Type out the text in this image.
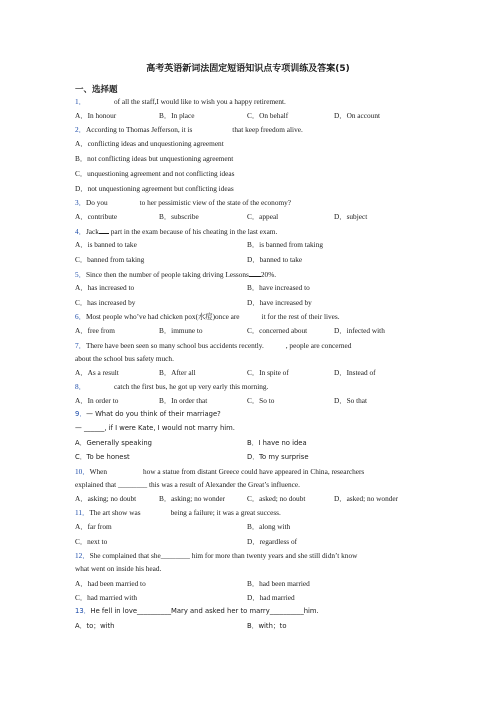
高考英语新词法固定短语知识点专项训练及答案(5)
一、选择题
1．	of all the staff,I would like to wish you a happy retirement.
A．In honour	B．In place	C．On behalf	D．On account
2．According to Thomas Jefferson, it is	that keep freedom alive.
A．conflicting ideas and unquestioning agreement
B．not conflicting ideas but unquestioning agreement
C．unquestioning agreement and not conflicting ideas
D．not unquestioning agreement but conflicting ideas
3．Do you	to her pessimistic view of the state of the economy?
A．contribute	B．subscribe	C．appeal	D．subject
4．Jack part in the exam because of his cheating in the last exam.
A．is banned to take	B．is banned from taking
C．banned from taking	D．banned to take
5．Since then the number of people taking driving Lessons 20%.
A．has increased to	B．have increased to
C．has increased by	D．have increased by
6．Most people who’ve had chicken pox(水痘)once are	it for the rest of their lives.
A．free from	B．immune to	C．concerned about	D．infected with
7．There have been seen so many school bus accidents recently.	, people are concerned
about the school bus safety much.
A．As a result	B．After all	C．In spite of	D．Instead of
8．	catch the first bus, he got up very early this morning.
A．In order to	B．In order that	C．So to	D．So that
9．— What do you think of their marriage?
— ______, if I were Kate, I would not marry him.
A．Generally speaking	B．I have no idea
C．To be honest	D．To my surprise
10．When	how a statue from distant Greece could have appeared in China, researchers
explained that ________ this was a result of Alexander the Great’s influence.
A．asking; no doubt	B．asking; no wonder	C．asked; no doubt	D．asked; no wonder
11．The art show was	being a failure; it was a great success.
A．far from	B．along with
C．next to	D．regardless of
12．She complained that she________ him for more than twenty years and she still didn’t know
what went on inside his head.
A．had been married to	B．had been married
C．had married with	D．had married
13．He fell in love__________Mary and asked her to marry__________him.
A．to；with	B．with；to
